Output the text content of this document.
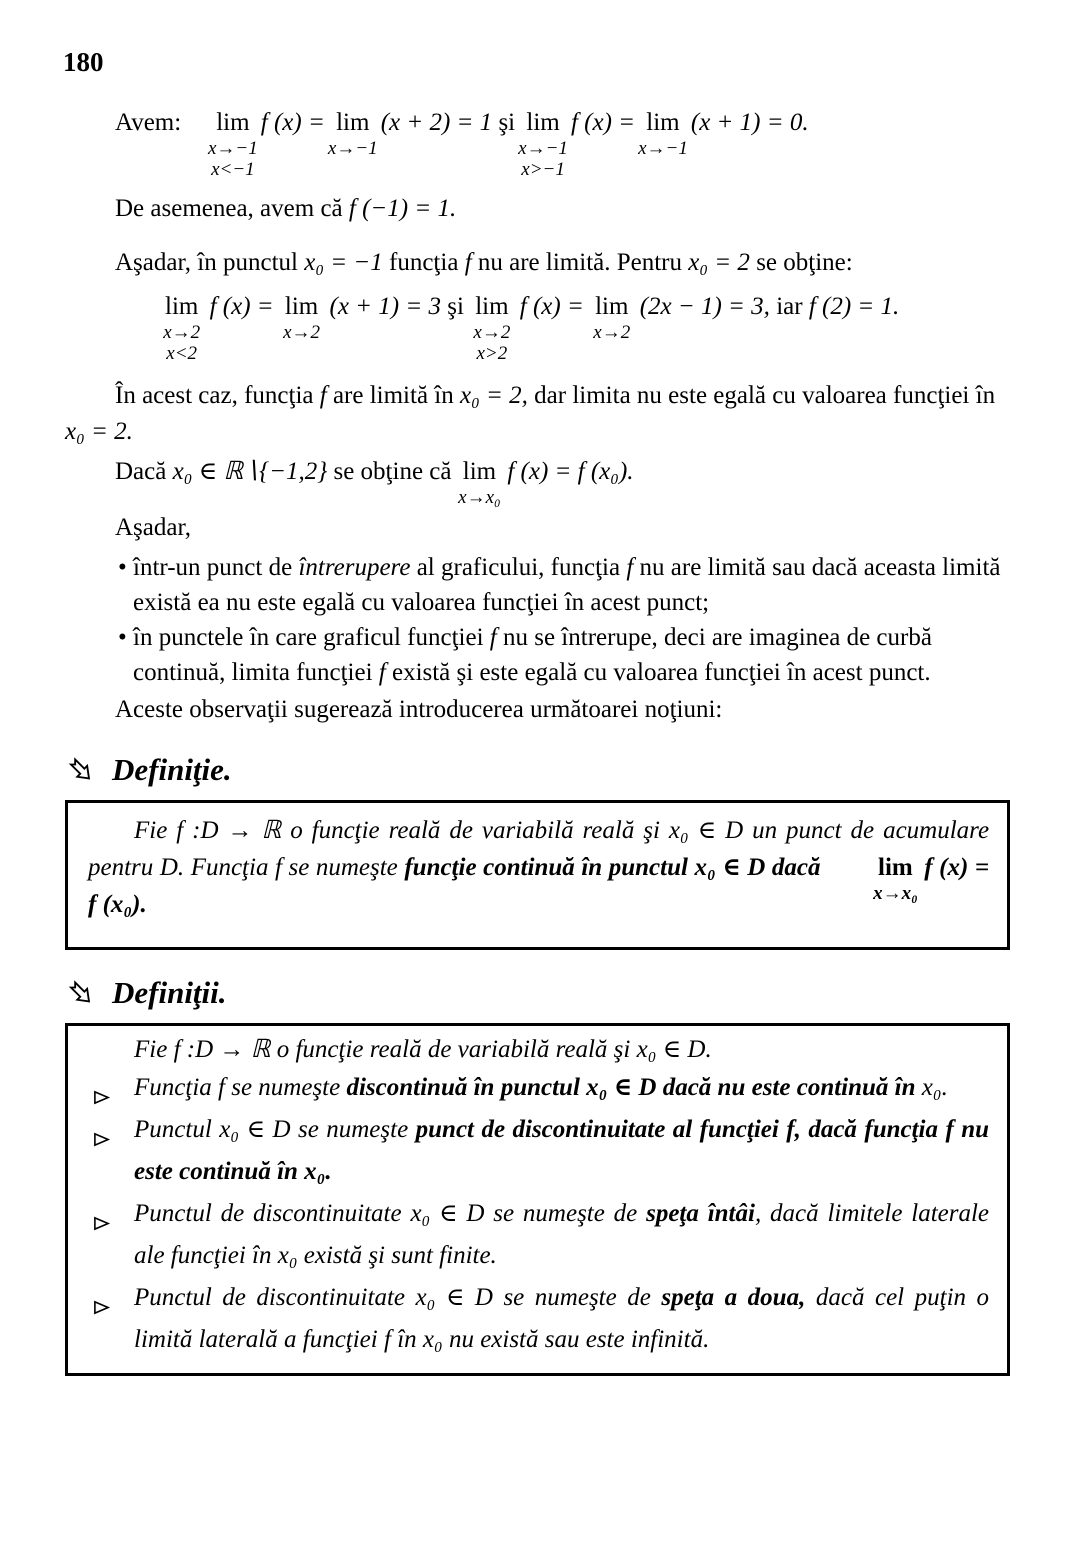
180

Avem: lim
x→−1
x<−1
f (x) = lim
x→−1
(x + 2) = 1 şi lim
x→−1
x>−1
f (x) = lim
x→−1
(x + 1) = 0.

De asemenea, avem că f (−1) = 1.

Aşadar, în punctul x₀ = −1 funcţia f nu are limită. Pentru x₀ = 2 se obţine:

lim
x→2
x<2
f (x) = lim
x→2
(x + 1) = 3 şi lim
x→2
x>2
f (x) = lim
x→2
(2x − 1) = 3, iar f (2) = 1.

În acest caz, funcţia f are limită în x₀ = 2, dar limita nu este egală cu valoarea funcţiei în x₀ = 2.

Dacă x₀ ∈ ℝ∖{−1,2} se obţine că lim
x→x₀
f (x) = f (x₀).

Aşadar,

• într-un punct de întrerupere al graficului, funcţia f nu are limită sau dacă aceasta limită există ea nu este egală cu valoarea funcţiei în acest punct;

• în punctele în care graficul funcţiei f nu se întrerupe, deci are imaginea de curbă continuă, limita funcţiei f există şi este egală cu valoarea funcţiei în acest punct.

Aceste observaţii sugerează introducerea următoarei noţiuni:

Definiţie.

Fie f :D → ℝ o funcţie reală de variabilă reală şi x₀ ∈ D un punct de acumulare pentru D. Funcţia f se numeşte funcţie continuă în punctul x₀ ∈ D dacă lim
x→x₀
f (x) = f (x₀).

Definiţii.

Fie f :D → ℝ o funcţie reală de variabilă reală şi x₀ ∈ D.

Funcţia f se numeşte discontinuă în punctul x₀ ∈ D dacă nu este continuă în x₀.

Punctul x₀ ∈ D se numeşte punct de discontinuitate al funcţiei f, dacă funcţia f nu este continuă în x₀.

Punctul de discontinuitate x₀ ∈ D se numeşte de speţa întâi, dacă limitele laterale ale funcţiei în x₀ există şi sunt finite.

Punctul de discontinuitate x₀ ∈ D se numeşte de speţa a doua, dacă cel puţin o limită laterală a funcţiei f în x₀ nu există sau este infinită.
